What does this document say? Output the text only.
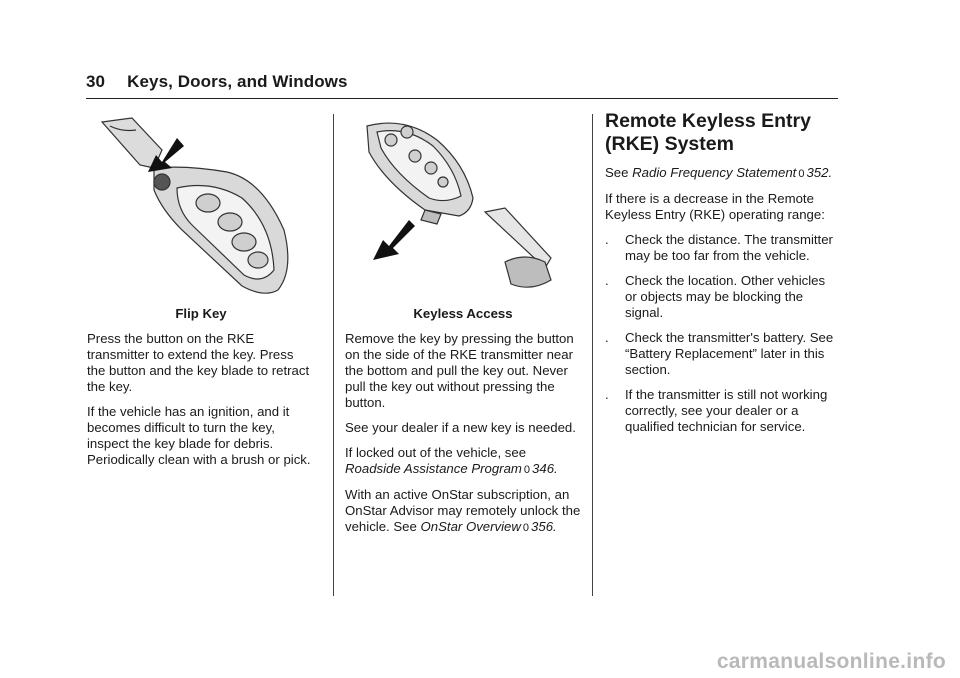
30 Keys, Doors, and Windows
Flip Key

Press the button on the RKE transmitter to extend the key. Press the button and the key blade to retract the key.

If the vehicle has an ignition, and it becomes difficult to turn the key, inspect the key blade for debris. Periodically clean with a brush or pick.

Keyless Access

Remove the key by pressing the button on the side of the RKE transmitter near the bottom and pull the key out. Never pull the key out without pressing the button.

See your dealer if a new key is needed.

If locked out of the vehicle, see
Roadside Assistance Program 0 346.

With an active OnStar subscription, an OnStar Advisor may remotely unlock the vehicle. See OnStar Overview 0 356.

Remote Keyless Entry (RKE) System

See Radio Frequency Statement 0 352.

If there is a decrease in the Remote Keyless Entry (RKE) operating range:

. Check the distance. The transmitter may be too far from the vehicle.
. Check the location. Other vehicles or objects may be blocking the signal.
. Check the transmitter's battery. See “Battery Replacement” later in this section.
. If the transmitter is still not working correctly, see your dealer or a qualified technician for service.
carmanualsonline.info
